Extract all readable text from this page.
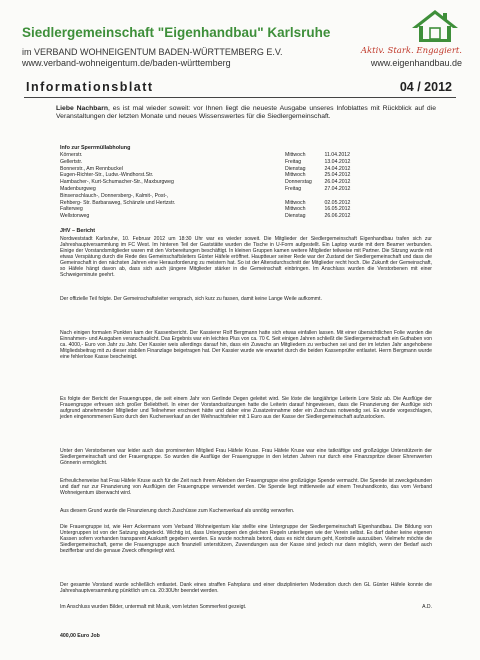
Siedlergemeinschaft "Eigenhandbau" Karlsruhe
im VERBAND WOHNEIGENTUM BADEN-WÜRTTEMBERG E.V.
www.verband-wohneigentum.de/baden-württemberg
Aktiv. Stark. Engagiert.
www.eigenhandbau.de
Informationsblatt	04 / 2012
Liebe Nachbarn, es ist mal wieder soweit: vor Ihnen liegt die neueste Ausgabe unseres Infoblattes mit Rückblick auf die Veranstaltungen der letzten Monate und neues Wissenswertes für die Siedlergemeinschaft.
Info zur Sperrmüllabholung
Körnerstr.	Mittwoch	11.04.2012
Gellertstr.	Freitag	13.04.2012
Bonnerstr., Am Rennbuckel	Dienstag	24.04.2012
Eugen-Richter-Str., Ludw.-Windhorst.Str.	Mittwoch	25.04.2012
Hambacher-, Kurt-Schumacher-Str., Maxburgweg	Donnerstag	26.04.2012
Madenburgweg	Freitag	27.04.2012
Binsenschlauch-, Donnersberg-, Kalmit-, Post-,
Rehberg- Str. Barbaraweg, Schänzle und Hertzstr.	Mittwoch	02.05.2012
Falterweg	Mittwoch	16.05.2012
Wellstonweg	Dienstag	26.06.2012
JHV – Bericht

Nordweststadt Karlsruhe, 10. Februar 2012 um 18:30 Uhr war es wieder soweit. Die Mitglieder der Siedlergemeinschaft Eigenhandbau trafen sich zur Jahreshauptversammlung im FC West. Im hinteren Teil der Gaststätte wurden die Tische in U-Form aufgestellt. Ein Laptop wurde mit dem Beamer verbunden. Einige der Vorstandsmitglieder waren mit den Vorbereitungen beschäftigt. In kleinen Gruppen kamen weitere Mitglieder teilweise mit Partner. Die Sitzung wurde mit etwas Verspätung durch die Rede des Gemeinschaftsleiters Günter Häfele eröffnet. Hauptteuer seiner Rede war der Zustand der Siedlergemeinschaft und dass die Gemeinschaft in den nächsten Jahren eine Herausforderung zu meistern hat. So ist der Altersdurchschnitt der Mitglieder recht hoch. Die Zukunft der Gemeinschaft, so Häfele hängt davon ab, dass sich auch jüngere Mitglieder stärker in die Gemeinschaft einbringen. Im Anschluss wurden die Verstorbenen mit einer Schweigeminute geehrt.

Der offizielle Teil folgte. Der Gemeinschaftsleiter versprach, sich kurz zu fassen, damit keine Lange Weile aufkommt.

Nach einigen formalen Punkten kam der Kassenbericht. Der Kassierer Rolf Bergmann hatte sich etwas einfallen lassen. Mit einer übersichtlichen Folie wurden die Einnahmen- und Ausgaben veranschaulicht. Das Ergebnis war ein leichtes Plus von ca. 70 €. Seit einigen Jahren schließt die Siedlergemeinschaft ein Guthaben von ca. 4000,- Euro von Jahr zu Jahr. Der Kassier weis allerdings darauf hin, dass ein Zuwachs an Mitgliedern zu verbuchen sei und der im letzten Jahr angehobene Mitgliedsbeitrag mit zu dieser stabilen Finanzlage beigetragen hat. Der Kassier wurde wie erwartet durch die beiden Kassenprüfer entlastet. Herrn Bergmann wurde eine fehlerlose Kasse bescheinigt.

Es folgte der Bericht der Frauengruppe, die seit einem Jahr von Gerlinde Degen geleitet wird. Sie löste die langjährige Leiterin Lore Stolz ab. Die Ausflüge der Frauengruppe erfreuen sich großer Beliebtheit. In einer der Vorstandssitzungen hatte die Leiterin darauf hingewiesen, dass die Finanzierung der Ausflüge sich aufgrund abnehmender Mitglieder und Teilnehmer erschwert hätte und daher eine Zusatzeinnahme oder ein Zuschuss notwendig sei. Es wurde vorgeschlagen, jeden eingenommenen Euro durch den Kuchenverkauf an der Weihnachtsfeier mit 1 Euro aus der Kasse der Siedlergemeinschaft aufzustocken.

Unter den Verstorbenen war leider auch das prominenten Mitglied Frau Häfele Kruse. Frau Häfele Kruse war eine tatkräftige und großzügige Unterstützerin der Siedlergemeinschaft und der Frauengruppe. So wurden die Ausflüge der Frauengruppe in den letzten Jahren nur durch eine Finanzspritze dieser Ehrenwerten Gönnerin ermöglicht.

Erfreulicherweise hat Frau Häfele Kruse auch für die Zeit nach ihrem Ableben der Frauengruppe eine großzügige Spende vermacht. Die Spende ist zweckgebunden und darf nur zur Finanzierung von Ausflügen der Frauengruppe verwendet werden. Die Spende liegt mittlerweile auf einem Treuhandkonto, das vom Verband Wohneigentum überwacht wird.

Aus diesem Grund wurde die Finanzierung durch Zuschüsse zum Kuchenverkauf als unnötig verworfen.

Die Frauengruppe ist, wie Herr Ackermann vom Verband Wohneigentum klar stellte eine Untergruppe der Siedlergemeinschaft Eigenhandbau. Die Bildung von Untergruppen ist von der Satzung abgedeckt. Wichtig ist, dass Untergruppen den gleichen Regeln unterliegen wie der Verein selbst. Es darf daher keine eigenen Kassen sofern vorhanden transparent Auskunft gegeben werden. Es wurde nochmals betont, dass es nicht darum geht, Kontrolle auszuüben. Vielmehr möchte die Siedlergemeinschaft, gerne die Frauengruppe auch finanziell unterstützen, Zuwendungen aus der Kasse sind jedoch nur dann möglich, wenn der Bedarf auch bezifferbar und die genaue Zweck offengelegt wird.

Der gesamte Vorstand wurde schließlich entlastet. Dank eines straffen Fahrplans und einer disziplinierten Moderation durch den GL Günter Häfele konnte die Jahreshauptversammlung pünktlich um ca. 20:30Uhr beendet werden.

Im Anschluss wurden Bilder, untermalt mit Musik, vom letzten Sommerfest gezeigt.	A.D.
400,00 Euro Job
